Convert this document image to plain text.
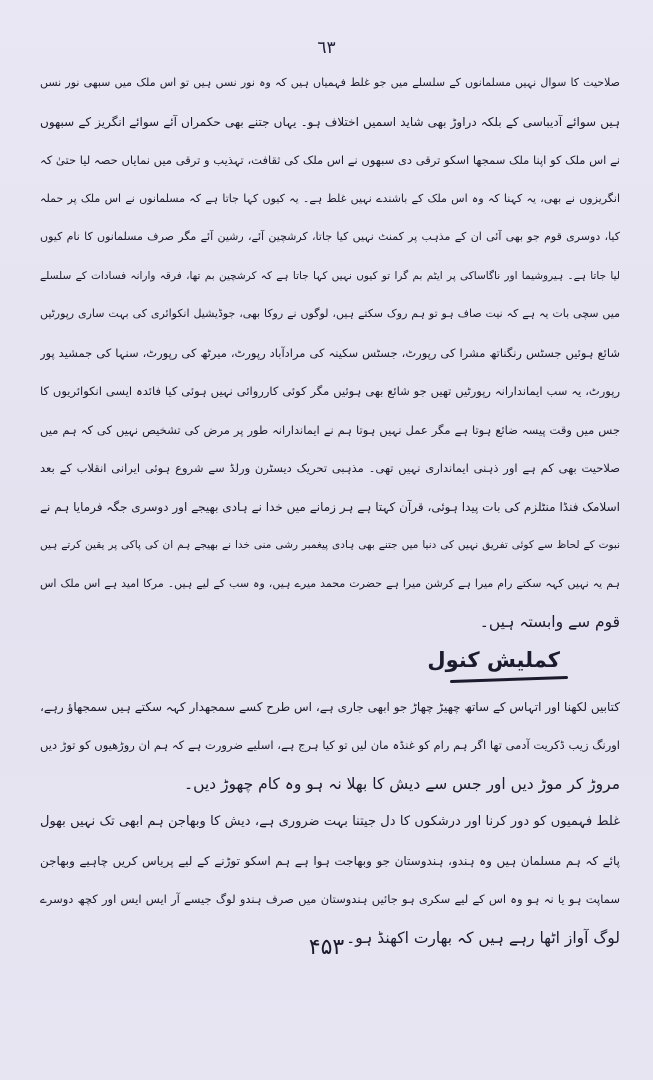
٦٣
صلاحیت کا سوال نہیں مسلمانوں کے سلسلے میں جو غلط فہمیاں ہیں کہ وہ نور نسں ہیں تو اس ملک میں سبھی نور نسں
ہیں سوائے آدیباسی کے بلکہ دراوڑ بھی شاید اسمیں اختلاف ہو۔ یہاں جتنے بھی حکمراں آئے سوائے انگریز کے سبھوں
نے اس ملک کو اپنا ملک سمجھا اسکو ترقی دی سبھوں نے اس ملک کی ثقافت، تہذیب و ترقی میں نمایاں حصہ لیا حتیٰ کہ
انگریزوں نے بھی، یہ کہنا کہ وہ اس ملک کے باشندے نہیں غلط ہے۔ یہ کیوں کہا جاتا ہے کہ مسلمانوں نے اس ملک پر حملہ
کیا، دوسری قوم جو بھی آئی ان کے مذہب پر کمنٹ نہیں کیا جاتا، کرشچین آئے، رشین آئے مگر صرف مسلمانوں کا نام کیوں
لیا جاتا ہے۔ ہیروشیما اور ناگاساکی پر ایٹم بم گرا تو کیوں نہیں کہا جاتا ہے کہ کرشچین بم تھا، فرقہ وارانہ فسادات کے سلسلے
میں سچی بات یہ ہے کہ نیت صاف ہو تو ہم روک سکتے ہیں، لوگوں نے روکا بھی، جوڈیشیل انکوائری کی بہت ساری رپورٹیں
شائع ہوئیں جسٹس رنگناتھ مشرا کی رپورٹ، جسٹس سکینہ کی مرادآباد رپورٹ، میرٹھ کی رپورٹ، سنہا کی جمشید پور
رپورٹ، یہ سب ایماندارانہ رپورٹیں تھیں جو شائع بھی ہوئیں مگر کوئی کارروائی نہیں ہوئی کیا فائدہ ایسی انکوائریوں کا
جس میں وقت پیسہ ضائع ہوتا ہے مگر عمل نہیں ہوتا ہم نے ایماندارانہ طور پر مرض کی تشخیص نہیں کی کہ ہم میں
صلاحیت بھی کم ہے اور ذہنی ایمانداری نہیں تھی۔ مذہبی تحریک دیسٹرن ورلڈ سے شروع ہوئی ایرانی انقلاب کے بعد
اسلامک فنڈا منٹلزم کی بات پیدا ہوئی، قرآن کہتا ہے ہر زمانے میں خدا نے ہادی بھیجے اور دوسری جگہ فرمایا ہم نے
نبوت کے لحاظ سے کوئی تفریق نہیں کی دنیا میں جتنے بھی ہادی پیغمبر رشی منی خدا نے بھیجے ہم ان کی پاکی پر یقین کرتے ہیں
ہم یہ نہیں کہہ سکتے رام میرا ہے کرشن میرا ہے حضرت محمد میرے ہیں، وہ سب کے لیے ہیں۔ مرکا امید ہے اس ملک اس
قوم سے وابستہ ہیں۔
کملیش کنول
کتابیں لکھنا اور اتہاس کے ساتھ چھیڑ چھاڑ جو ابھی جاری ہے، اس طرح کسے سمجھدار کہہ سکتے ہیں سمجھاؤ رہے،
اورنگ زیب ڈکریت آدمی تھا اگر ہم رام کو غنڈہ مان لیں تو کیا ہرج ہے، اسلیے ضرورت ہے کہ ہم ان روڑھیوں کو توڑ دیں
مروڑ کر موڑ دیں اور جس سے دیش کا بھلا نہ ہو وہ کام چھوڑ دیں۔
غلط فہمیوں کو دور کرنا اور درشکوں کا دل جیتنا بہت ضروری ہے، دیش کا وبھاجن ہم ابھی تک نہیں بھول
پائے کہ ہم مسلمان ہیں وہ ہندو، ہندوستان جو وبھاجت ہوا ہے ہم اسکو توڑنے کے لیے پریاس کریں چاہیے وبھاجن
سماپت ہو یا نہ ہو وہ اس کے لیے سکری ہو جائیں ہندوستان میں صرف ہندو لوگ جیسے آر ایس ایس اور کچھ دوسرے
لوگ آواز اٹھا رہے ہیں کہ بھارت اکھنڈ ہو۔
۴۵۳
